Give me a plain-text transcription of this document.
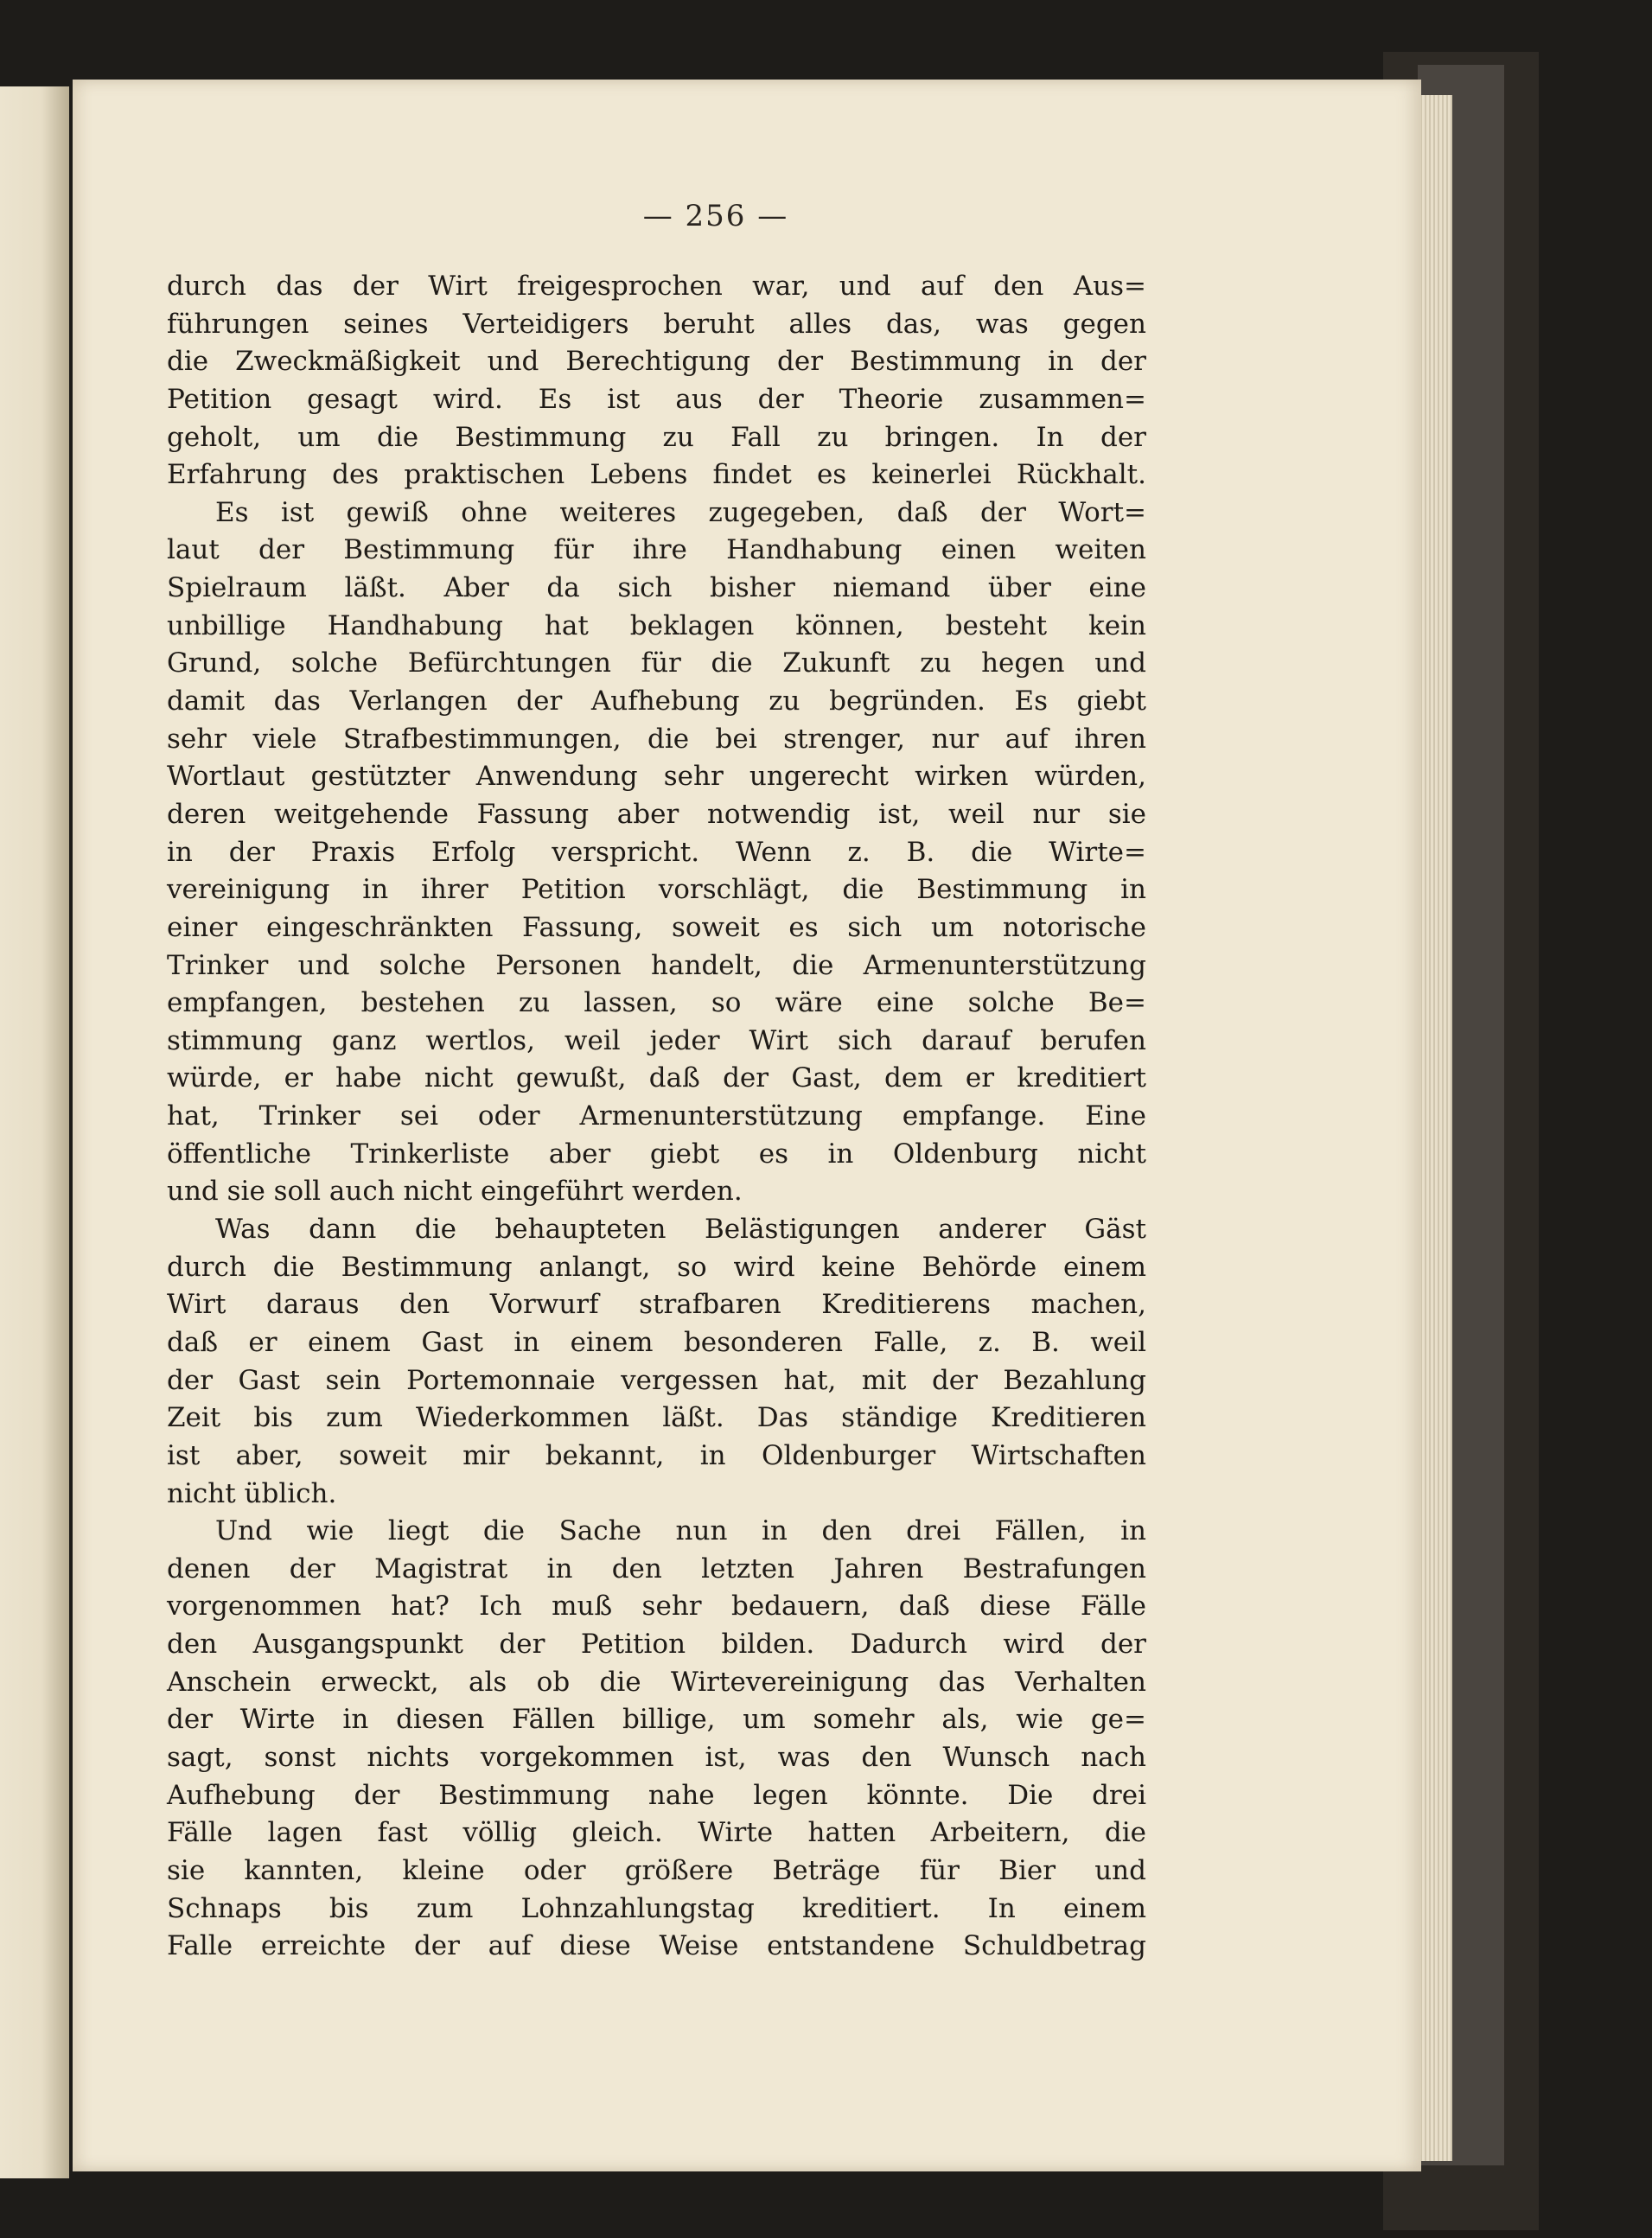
— 256 —
durch das der Wirt freigesprochen war, und auf den Aus=
führungen seines Verteidigers beruht alles das, was gegen
die Zweckmäßigkeit und Berechtigung der Bestimmung in der
Petition gesagt wird. Es ist aus der Theorie zusammen=
geholt, um die Bestimmung zu Fall zu bringen. In der
Erfahrung des praktischen Lebens findet es keinerlei Rückhalt.
Es ist gewiß ohne weiteres zugegeben, daß der Wort=
laut der Bestimmung für ihre Handhabung einen weiten
Spielraum läßt. Aber da sich bisher niemand über eine
unbillige Handhabung hat beklagen können, besteht kein
Grund, solche Befürchtungen für die Zukunft zu hegen und
damit das Verlangen der Aufhebung zu begründen. Es giebt
sehr viele Strafbestimmungen, die bei strenger, nur auf ihren
Wortlaut gestützter Anwendung sehr ungerecht wirken würden,
deren weitgehende Fassung aber notwendig ist, weil nur sie
in der Praxis Erfolg verspricht. Wenn z. B. die Wirte=
vereinigung in ihrer Petition vorschlägt, die Bestimmung in
einer eingeschränkten Fassung, soweit es sich um notorische
Trinker und solche Personen handelt, die Armenunterstützung
empfangen, bestehen zu lassen, so wäre eine solche Be=
stimmung ganz wertlos, weil jeder Wirt sich darauf berufen
würde, er habe nicht gewußt, daß der Gast, dem er kreditiert
hat, Trinker sei oder Armenunterstützung empfange. Eine
öffentliche Trinkerliste aber giebt es in Oldenburg nicht
und sie soll auch nicht eingeführt werden.
Was dann die behaupteten Belästigungen anderer Gäst
durch die Bestimmung anlangt, so wird keine Behörde einem
Wirt daraus den Vorwurf strafbaren Kreditierens machen,
daß er einem Gast in einem besonderen Falle, z. B. weil
der Gast sein Portemonnaie vergessen hat, mit der Bezahlung
Zeit bis zum Wiederkommen läßt. Das ständige Kreditieren
ist aber, soweit mir bekannt, in Oldenburger Wirtschaften
nicht üblich.
Und wie liegt die Sache nun in den drei Fällen, in
denen der Magistrat in den letzten Jahren Bestrafungen
vorgenommen hat? Ich muß sehr bedauern, daß diese Fälle
den Ausgangspunkt der Petition bilden. Dadurch wird der
Anschein erweckt, als ob die Wirtevereinigung das Verhalten
der Wirte in diesen Fällen billige, um somehr als, wie ge=
sagt, sonst nichts vorgekommen ist, was den Wunsch nach
Aufhebung der Bestimmung nahe legen könnte. Die drei
Fälle lagen fast völlig gleich. Wirte hatten Arbeitern, die
sie kannten, kleine oder größere Beträge für Bier und
Schnaps bis zum Lohnzahlungstag kreditiert. In einem
Falle erreichte der auf diese Weise entstandene Schuldbetrag
